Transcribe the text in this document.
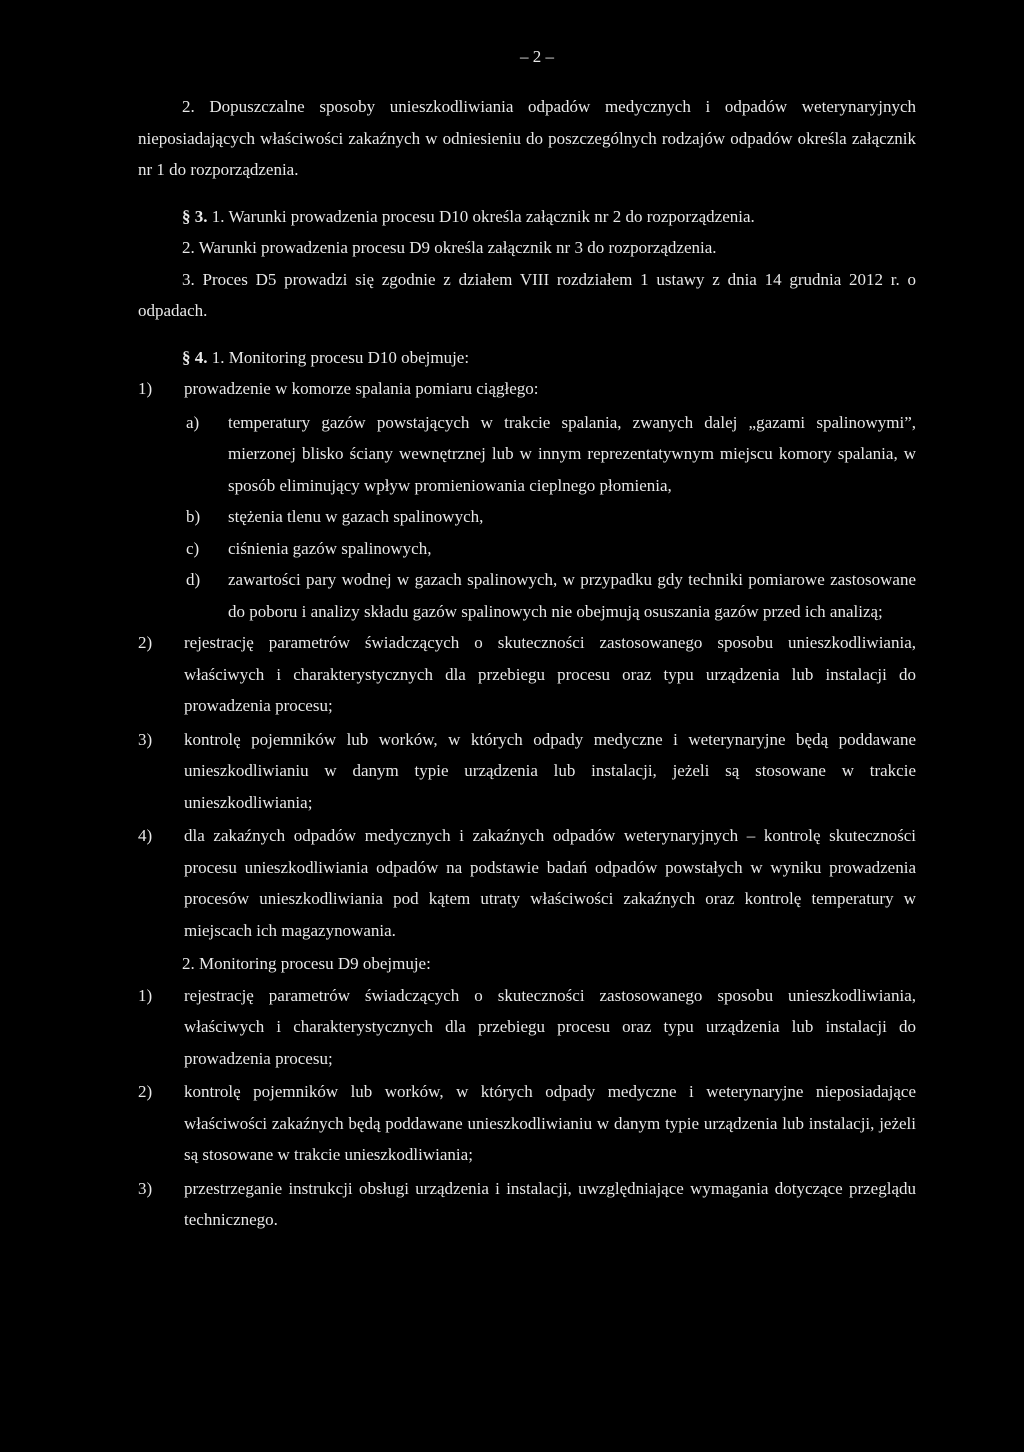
– 2 –

2. Dopuszczalne sposoby unieszkodliwiania odpadów medycznych i odpadów weterynaryjnych nieposiadających właściwości zakaźnych w odniesieniu do poszczególnych rodzajów odpadów określa załącznik nr 1 do rozporządzenia.

§ 3. 1. Warunki prowadzenia procesu D10 określa załącznik nr 2 do rozporządzenia.

2. Warunki prowadzenia procesu D9 określa załącznik nr 3 do rozporządzenia.

3. Proces D5 prowadzi się zgodnie z działem VIII rozdziałem 1 ustawy z dnia 14 grudnia 2012 r. o odpadach.

§ 4. 1. Monitoring procesu D10 obejmuje:

1) prowadzenie w komorze spalania pomiaru ciągłego:
a) temperatury gazów powstających w trakcie spalania, zwanych dalej „gazami spalinowymi”, mierzonej blisko ściany wewnętrznej lub w innym reprezentatywnym miejscu komory spalania, w sposób eliminujący wpływ promieniowania cieplnego płomienia,
b) stężenia tlenu w gazach spalinowych,
c) ciśnienia gazów spalinowych,
d) zawartości pary wodnej w gazach spalinowych, w przypadku gdy techniki pomiarowe zastosowane do poboru i analizy składu gazów spalinowych nie obejmują osuszania gazów przed ich analizą;
2) rejestrację parametrów świadczących o skuteczności zastosowanego sposobu unieszkodliwiania, właściwych i charakterystycznych dla przebiegu procesu oraz typu urządzenia lub instalacji do prowadzenia procesu;
3) kontrolę pojemników lub worków, w których odpady medyczne i weterynaryjne będą poddawane unieszkodliwianiu w danym typie urządzenia lub instalacji, jeżeli są stosowane w trakcie unieszkodliwiania;
4) dla zakaźnych odpadów medycznych i zakaźnych odpadów weterynaryjnych – kontrolę skuteczności procesu unieszkodliwiania odpadów na podstawie badań odpadów powstałych w wyniku prowadzenia procesów unieszkodliwiania pod kątem utraty właściwości zakaźnych oraz kontrolę temperatury w miejscach ich magazynowania.

2. Monitoring procesu D9 obejmuje:

1) rejestrację parametrów świadczących o skuteczności zastosowanego sposobu unieszkodliwiania, właściwych i charakterystycznych dla przebiegu procesu oraz typu urządzenia lub instalacji do prowadzenia procesu;
2) kontrolę pojemników lub worków, w których odpady medyczne i weterynaryjne nieposiadające właściwości zakaźnych będą poddawane unieszkodliwianiu w danym typie urządzenia lub instalacji, jeżeli są stosowane w trakcie unieszkodliwiania;
3) przestrzeganie instrukcji obsługi urządzenia i instalacji, uwzględniające wymagania dotyczące przeglądu technicznego.
